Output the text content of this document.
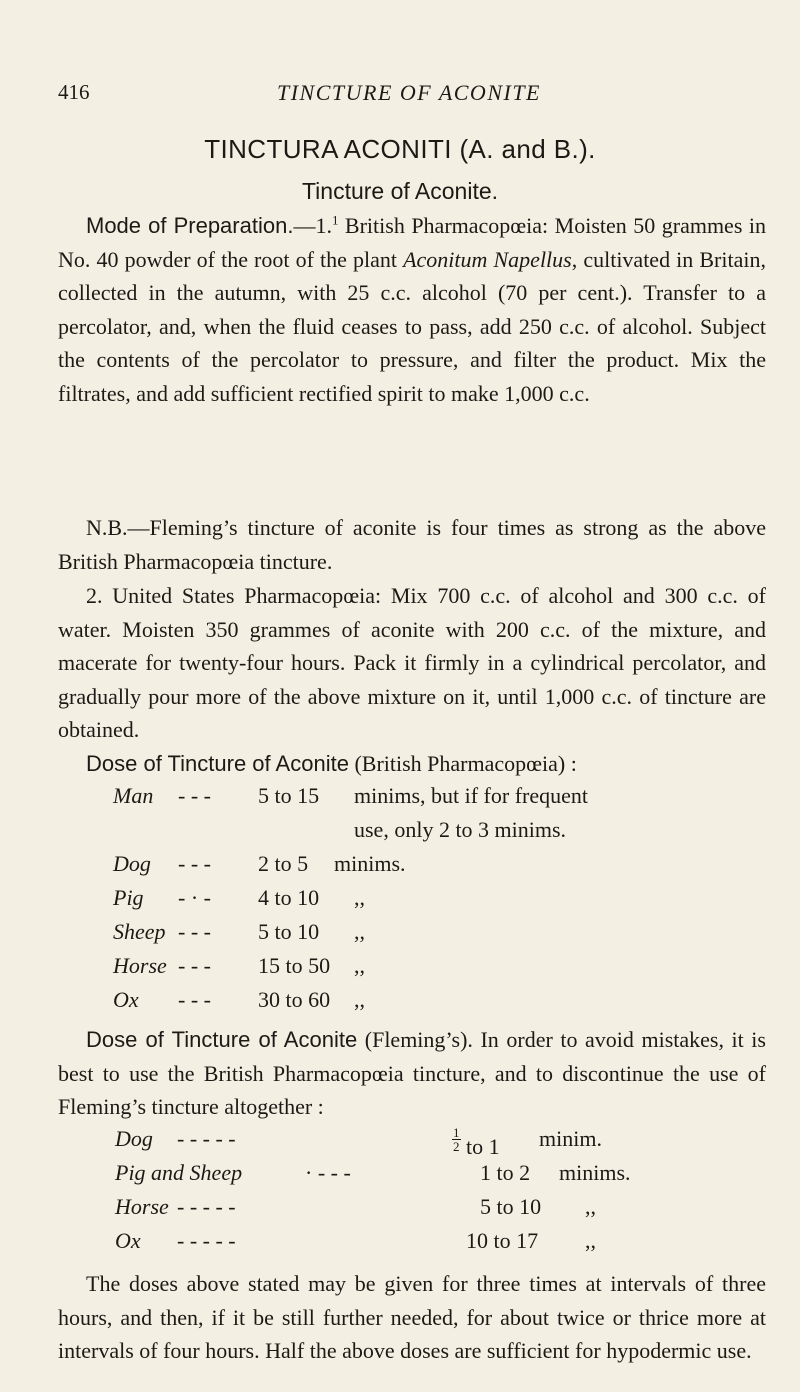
416	TINCTURE OF ACONITE
TINCTURA ACONITI (A. and B.).
Tincture of Aconite.

Mode of Preparation.—1.$^1$ British Pharmacopœia: Moisten 50 grammes in No. 40 powder of the root of the plant Aconitum Napellus, cultivated in Britain, collected in the autumn, with 25 c.c. alcohol (70 per cent.). Transfer to a percolator, and, when the fluid ceases to pass, add 250 c.c. of alcohol. Subject the contents of the percolator to pressure, and filter the product. Mix the filtrates, and add sufficient rectified spirit to make 1,000 c.c.

N.B.—Fleming’s tincture of aconite is four times as strong as the above British Pharmacopœia tincture.

2. United States Pharmacopœia: Mix 700 c.c. of alcohol and 300 c.c. of water. Moisten 350 grammes of aconite with 200 c.c. of the mixture, and macerate for twenty-four hours. Pack it firmly in a cylindrical percolator, and gradually pour more of the above mixture on it, until 1,000 c.c. of tincture are obtained.

Dose of Tincture of Aconite (British Pharmacopœia) :

Man - - - 5 to 15 minims, but if for frequent
use, only 2 to 3 minims.
Dog - - - 2 to 5 minims.
Pig - · - 4 to 10 ,,
Sheep - - - 5 to 10 ,,
Horse - - - 15 to 50 ,,
Ox - - - 30 to 60 ,,

Dose of Tincture of Aconite (Fleming’s). In order to avoid mistakes, it is best to use the British Pharmacopœia tincture, and to discontinue the use of Fleming’s tincture altogether :

Dog - - - - -	$\frac{1}{2}$ to 1 minim.
Pig and Sheep	· - - -	1 to 2 minims.
Horse - - - - -	5 to 10 ,,
Ox - - - - -	10 to 17 ,,

The doses above stated may be given for three times at intervals of three hours, and then, if it be still further needed, for about twice or thrice more at intervals of four hours. Half the above doses are sufficient for hypodermic use.
